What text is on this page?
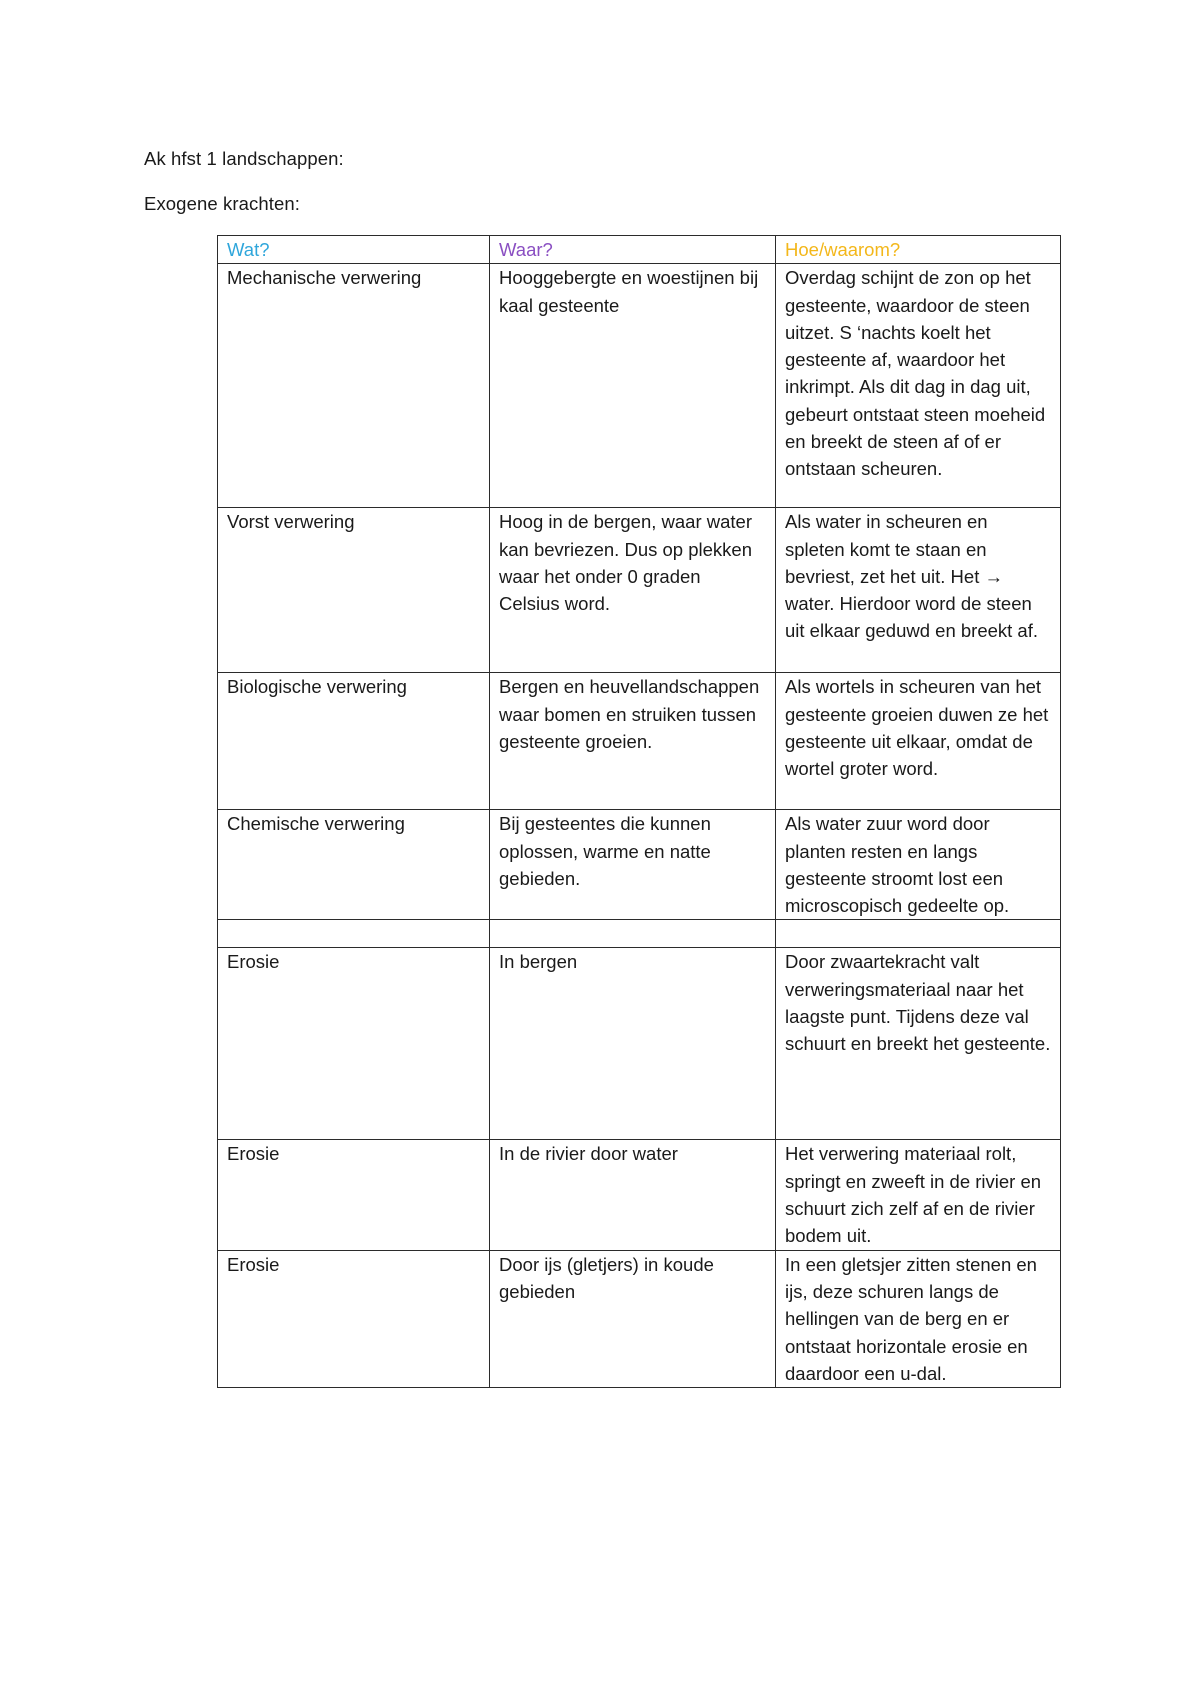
Ak hfst 1 landschappen:

Exogene krachten:

Wat?	Waar?	Hoe/waarom?
Mechanische verwering	Hooggebergte en woestijnen bij kaal gesteente	Overdag schijnt de zon op het gesteente, waardoor de steen uitzet. S ‘nachts koelt het gesteente af, waardoor het inkrimpt. Als dit dag in dag uit, gebeurt ontstaat steen moeheid en breekt de steen af of er ontstaan scheuren.
Vorst verwering	Hoog in de bergen, waar water kan bevriezen. Dus op plekken waar het onder 0 graden Celsius word.	Als water in scheuren en spleten komt te staan en bevriest, zet het uit. Het → water. Hierdoor word de steen uit elkaar geduwd en breekt af.
Biologische verwering	Bergen en heuvellandschappen waar bomen en struiken tussen gesteente groeien.	Als wortels in scheuren van het gesteente groeien duwen ze het gesteente uit elkaar, omdat de wortel groter word.
Chemische verwering	Bij gesteentes die kunnen oplossen, warme en natte gebieden.	Als water zuur word door planten resten en langs gesteente stroomt lost een microscopisch gedeelte op.

Erosie	In bergen	Door zwaartekracht valt verweringsmateriaal naar het laagste punt. Tijdens deze val schuurt en breekt het gesteente.
Erosie	In de rivier door water	Het verwering materiaal rolt, springt en zweeft in de rivier en schuurt zich zelf af en de rivier bodem uit.
Erosie	Door ijs (gletjers) in koude gebieden	In een gletsjer zitten stenen en ijs, deze schuren langs de hellingen van de berg en er ontstaat horizontale erosie en daardoor een u-dal.
